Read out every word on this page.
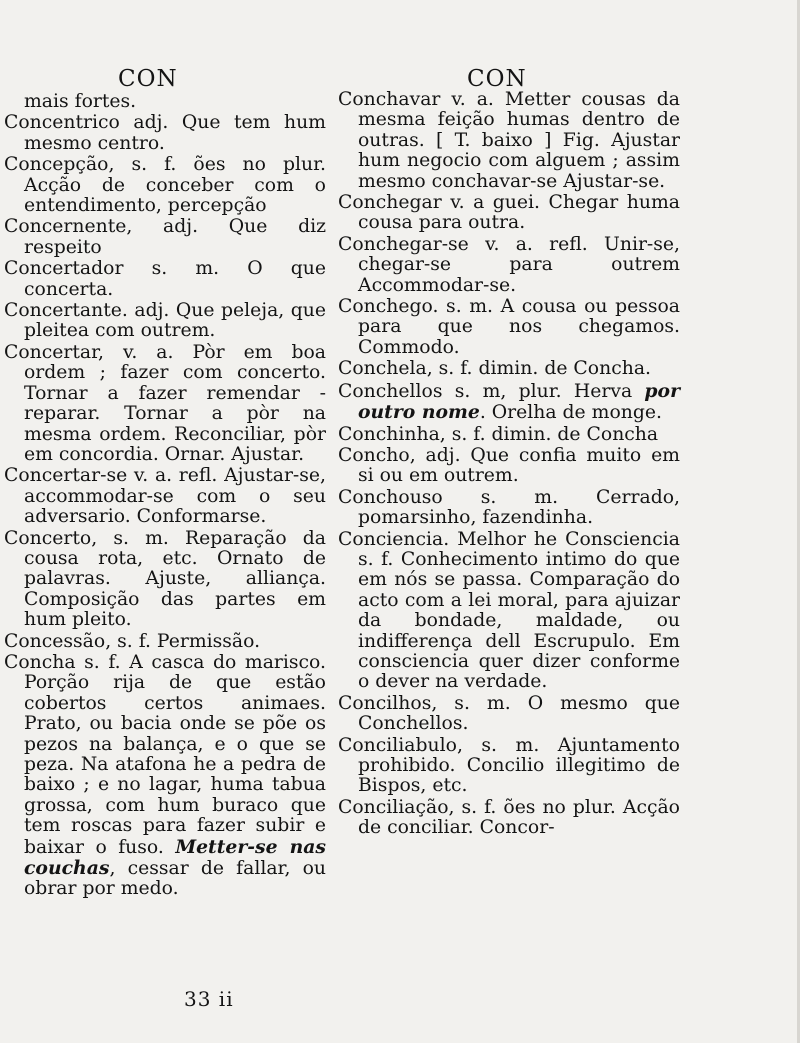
CON	CON
mais fortes.
Concentrico adj. Que tem hum mesmo centro.
Concepção, s. f. ões no plur. Acção de conceber com o entendimento, percepção
Concernente, adj. Que diz respeito
Concertador s. m. O que concerta.
Concertante. adj. Que peleja, que pleitea com outrem.
Concertar, v. a. Pòr em boa ordem ; fazer com concerto. Tornar a fazer remendar - reparar. Tornar a pòr na mesma ordem. Reconciliar, pòr em concordia. Ornar. Ajustar.
Concertar-se v. a. refl. Ajustar-se, accommodar-se com o seu adversario. Conformarse.
Concerto, s. m. Reparação da cousa rota, etc. Ornato de palavras. Ajuste, alliança. Composição das partes em hum pleito.
Concessão, s. f. Permissão.
Concha s. f. A casca do marisco. Porção rija de que estão cobertos certos animaes. Prato, ou bacia onde se põe os pezos na balança, e o que se peza. Na atafona he a pedra de baixo ; e no lagar, huma tabua grossa, com hum buraco que tem roscas para fazer subir e baixar o fuso. Metter-se nas couchas, cessar de fallar, ou obrar por medo.
Conchavar v. a. Metter cousas da mesma feição humas dentro de outras. [ T. baixo ] Fig. Ajustar hum negocio com alguem ; assim mesmo conchavar-se Ajustar-se.
Conchegar v. a guei. Chegar huma cousa para outra.
Conchegar-se v. a. refl. Unir-se, chegar-se para outrem Accommodar-se.
Conchego. s. m. A cousa ou pessoa para que nos chegamos. Commodo.
Conchela, s. f. dimin. de Concha.
Conchellos s. m, plur. Herva por outro nome. Orelha de monge.
Conchinha, s. f. dimin. de Concha
Concho, adj. Que confia muito em si ou em outrem.
Conchouso s. m. Cerrado, pomarsinho, fazendinha.
Conciencia. Melhor he Consciencia s. f. Conhecimento intimo do que em nós se passa. Comparação do acto com a lei moral, para ajuizar da bondade, maldade, ou indifferença dell Escrupulo. Em consciencia quer dizer conforme o dever na verdade.
Concilhos, s. m. O mesmo que Conchellos.
Conciliabulo, s. m. Ajuntamento prohibido. Concilio illegitimo de Bispos, etc.
Conciliação, s. f. ões no plur. Acção de conciliar. Concor-
33 ii
